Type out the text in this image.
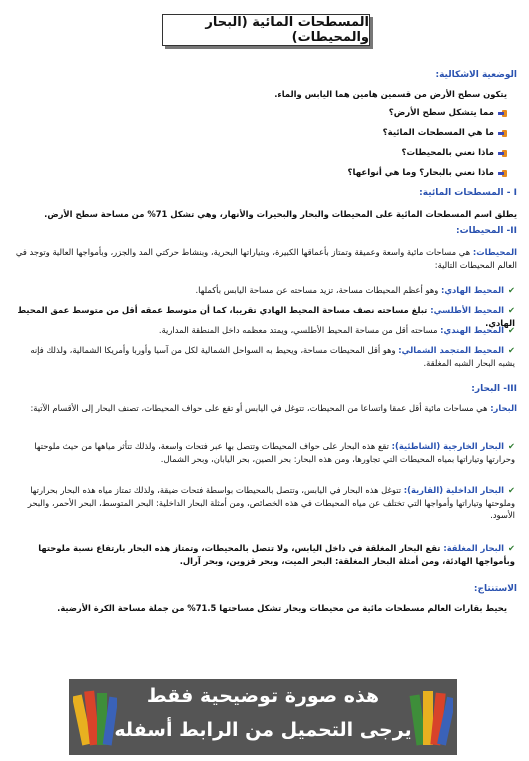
المسطحات المائية (البحار والمحيطات)
الوضعية الاشكالية:
يتكون سطح الأرض من قسمين هامين هما اليابس والماء.
مما يتشكل سطح الأرض؟
ما هي المسطحات المائية؟
ماذا نعني بالمحيطات؟
ماذا نعني بالبحار؟ وما هي أنواعها؟
I - المسطحات المائية:
يطلق اسم المسطحات المائية على المحيطات والبحار والبحيرات والأنهار، وهي تشكل 71% من مساحة سطح الأرض.
II- المحيطات:
المحيطات: هي مساحات مائية واسعة وعميقة وتمتاز بأعماقها الكبيرة، وبتياراتها البحرية، وبنشاط حركتي المد والجزر، وبأمواجها العالية وتوجد في العالم المحيطات التالية:
✔المحيط الهادي: وهو أعظم المحيطات مساحة، تزيد مساحته عن مساحة اليابس بأكملها.
✔المحيط الأطلسي: تبلغ مساحته نصف مساحة المحيط الهادي تقريبا، كما أن متوسط عمقه أقل من متوسط عمق المحيط الهادي.
✔المحيط الهندي: مساحته أقل من مساحة المحيط الأطلسي، ويمتد معظمه داخل المنطقة المدارية.
✔المحيط المتجمد الشمالي: وهو أقل المحيطات مساحة، ويحيط به السواحل الشمالية لكل من آسيا وأوربا وأمريكا الشمالية، ولذلك فإنه يشبه البحار الشبه المغلقة.
III- البحار:
البحار: هي مساحات مائية أقل عمقا واتساعا من المحيطات، تتوغل في اليابس أو تقع على حواف المحيطات، تصنف البحار إلى الأقسام الآتية:
✔البحار الخارجية (الشاطئية): تقع هذه البحار على حواف المحيطات وتتصل بها عبر فتحات واسعة، ولذلك تتأثر مياهها من حيث ملوحتها وحرارتها وتياراتها بمياه المحيطات التي تجاورها، ومن هذه البحار: بحر الصين، بحر اليابان، وبحر الشمال.
✔البحار الداخلية (القارية): تتوغل هذه البحار في اليابس، وتتصل بالمحيطات بواسطة فتحات ضيقة، ولذلك تمتاز مياه هذه البحار بحرارتها وملوحتها وتياراتها وأمواجها التي تختلف عن مياه المحيطات في هذه الخصائص، ومن أمثلة البحار الداخلية: البحر المتوسط، البحر الأحمر، والبحر الأسود.
✔البحار المغلقة: تقع البحار المغلقة في داخل اليابس، ولا تتصل بالمحيطات، وتمتاز هذه البحار بارتفاع نسبة ملوحتها وبأمواجها الهادئة، ومن أمثلة البحار المغلقة: البحر الميت، وبحر قزوين، وبحر آرال.
الاستنتاج:
يحيط بقارات العالم مسطحات مائية من محيطات وبحار تشكل مساحتها 71.5% من جملة مساحة الكرة الأرضية.
هذه صورة توضيحية فقط
يرجى التحميل من الرابط أسفله
